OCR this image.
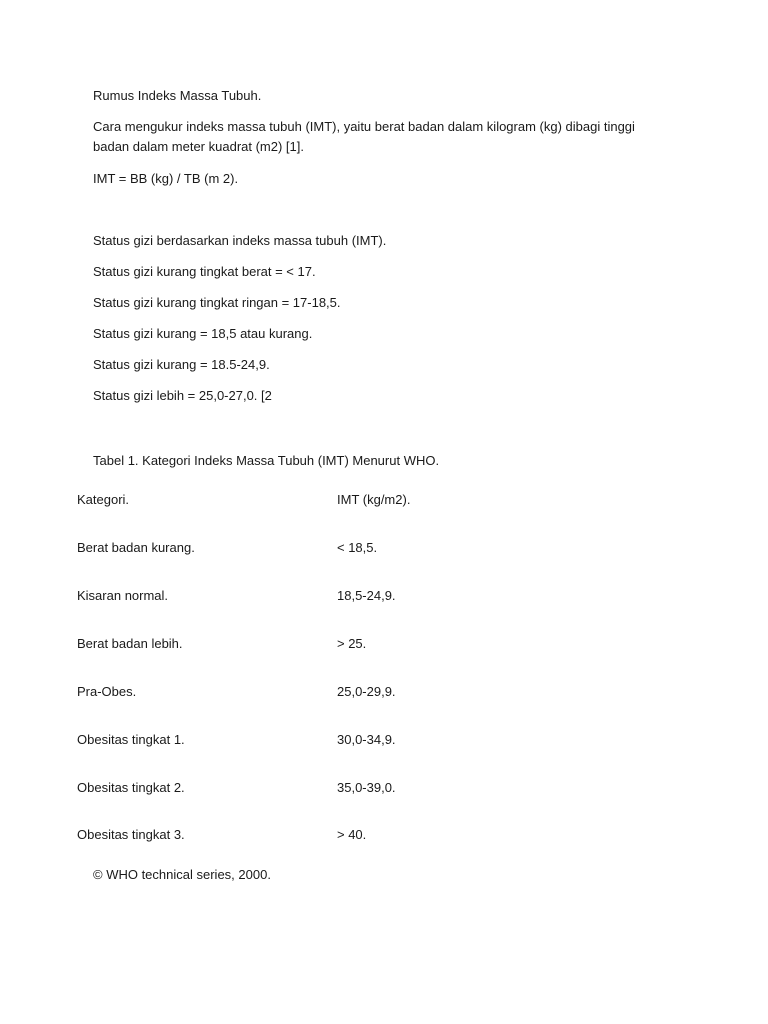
Rumus Indeks Massa Tubuh.
Cara mengukur indeks massa tubuh (IMT), yaitu berat badan dalam kilogram (kg) dibagi tinggi badan dalam meter kuadrat (m2) [1].
IMT = BB (kg) / TB (m 2).
Status gizi berdasarkan indeks massa tubuh (IMT).
Status gizi kurang tingkat berat = < 17.
Status gizi kurang tingkat ringan = 17-18,5.
Status gizi kurang = 18,5 atau kurang.
Status gizi kurang = 18.5-24,9.
Status gizi lebih = 25,0-27,0. [2
Tabel 1. Kategori Indeks Massa Tubuh (IMT) Menurut WHO.
Kategori.	IMT (kg/m2).
Berat badan kurang.	< 18,5.
Kisaran normal.	18,5-24,9.
Berat badan lebih.	> 25.
Pra-Obes.	25,0-29,9.
Obesitas tingkat 1.	30,0-34,9.
Obesitas tingkat 2.	35,0-39,0.
Obesitas tingkat 3.	> 40.
© WHO technical series, 2000.
